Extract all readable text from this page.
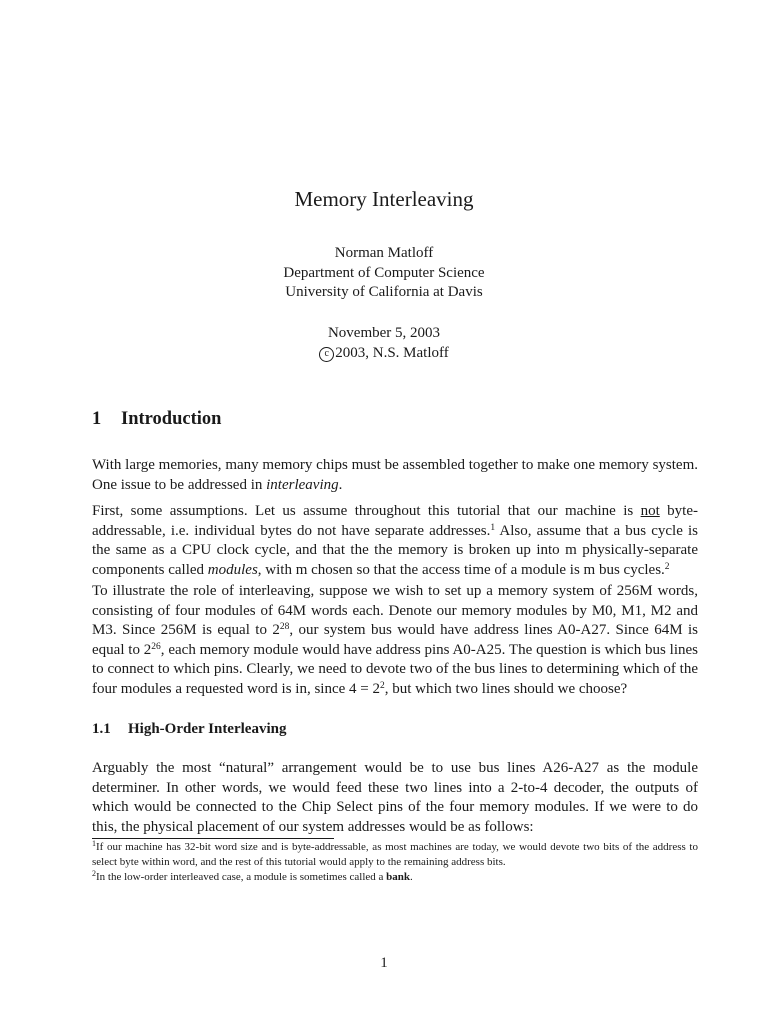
Memory Interleaving
Norman Matloff
Department of Computer Science
University of California at Davis
November 5, 2003
c 2003, N.S. Matloff
1 Introduction

With large memories, many memory chips must be assembled together to make one memory system. One issue to be addressed in interleaving.

First, some assumptions. Let us assume throughout this tutorial that our machine is not byte-addressable, i.e. individual bytes do not have separate addresses.$^1$ Also, assume that a bus cycle is the same as a CPU clock cycle, and that the the memory is broken up into m physically-separate components called modules, with m chosen so that the access time of a module is m bus cycles.$^2$

To illustrate the role of interleaving, suppose we wish to set up a memory system of 256M words, consisting of four modules of 64M words each. Denote our memory modules by M0, M1, M2 and M3. Since 256M is equal to $2^{28}$, our system bus would have address lines A0-A27. Since 64M is equal to $2^{26}$, each memory module would have address pins A0-A25. The question is which bus lines to connect to which pins. Clearly, we need to devote two of the bus lines to determining which of the four modules a requested word is in, since $4 = 2^2$, but which two lines should we choose?

1.1 High-Order Interleaving

Arguably the most “natural” arrangement would be to use bus lines A26-A27 as the module determiner. In other words, we would feed these two lines into a 2-to-4 decoder, the outputs of which would be connected to the Chip Select pins of the four memory modules. If we were to do this, the physical placement of our system addresses would be as follows:

$^1$If our machine has 32-bit word size and is byte-addressable, as most machines are today, we would devote two bits of the address to select byte within word, and the rest of this tutorial would apply to the remaining address bits.

$^2$In the low-order interleaved case, a module is sometimes called a bank.

1
